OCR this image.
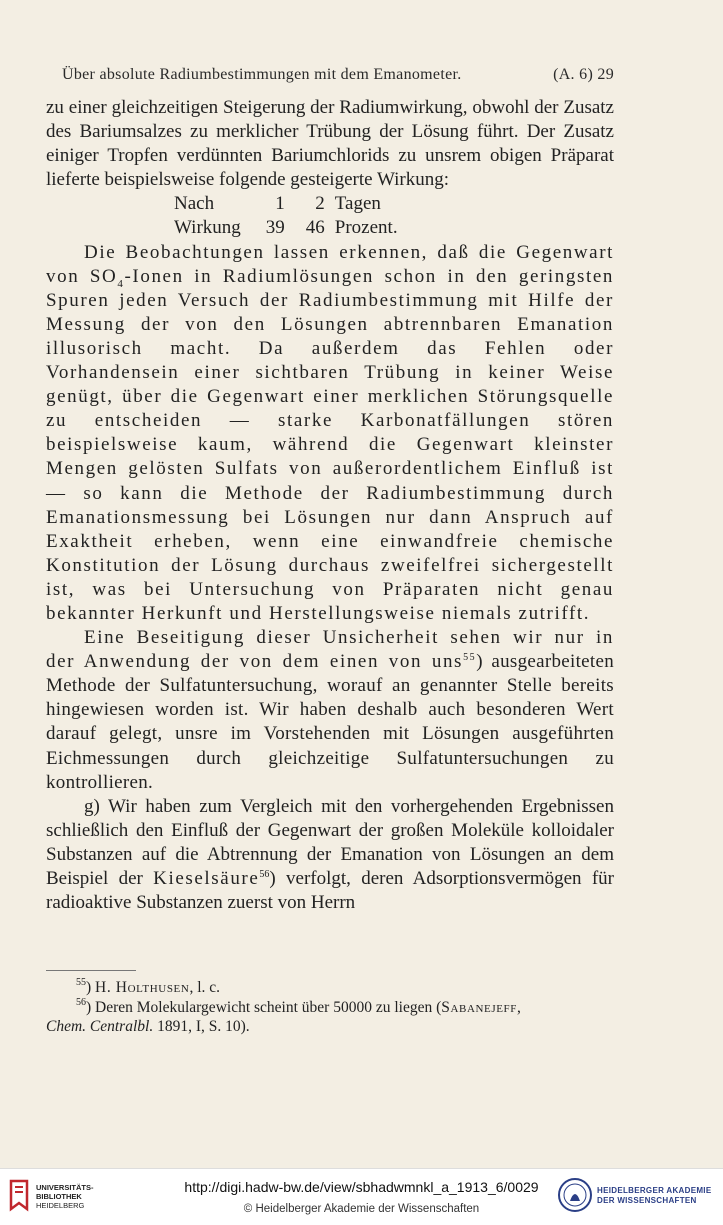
Über absolute Radiumbestimmungen mit dem Emanometer.	(A. 6) 29

zu einer gleichzeitigen Steigerung der Radiumwirkung, obwohl der Zusatz des Bariumsalzes zu merklicher Trübung der Lösung führt. Der Zusatz einiger Tropfen verdünnten Bariumchlorids zu unsrem obigen Präparat lieferte beispielsweise folgende gesteigerte Wirkung:

Nach	1	2	Tagen
Wirkung	39	46	Prozent.

Die Beobachtungen lassen erkennen, daß die Gegenwart von $SO_4$-Ionen in Radiumlösungen schon in den geringsten Spuren jeden Versuch der Radiumbestimmung mit Hilfe der Messung der von den Lösungen abtrennbaren Emanation illusorisch macht. Da außerdem das Fehlen oder Vorhandensein einer sichtbaren Trübung in keiner Weise genügt, über die Gegenwart einer merklichen Störungsquelle zu entscheiden — starke Karbonatfällungen stören beispielsweise kaum, während die Gegenwart kleinster Mengen gelösten Sulfats von außerordentlichem Einfluß ist — so kann die Methode der Radiumbestimmung durch Emanationsmessung bei Lösungen nur dann Anspruch auf Exaktheit erheben, wenn eine einwandfreie chemische Konstitution der Lösung durchaus zweifelfrei sichergestellt ist, was bei Untersuchung von Präparaten nicht genau bekannter Herkunft und Herstellungsweise niemals zutrifft.

Eine Beseitigung dieser Unsicherheit sehen wir nur in der Anwendung der von dem einen von uns$^{55}$) ausgearbeiteten Methode der Sulfatuntersuchung, worauf an genannter Stelle bereits hingewiesen worden ist. Wir haben deshalb auch besonderen Wert darauf gelegt, unsre im Vorstehenden mit Lösungen ausgeführten Eichmessungen durch gleichzeitige Sulfatuntersuchungen zu kontrollieren.

g) Wir haben zum Vergleich mit den vorhergehenden Ergebnissen schließlich den Einfluß der Gegenwart der großen Moleküle kolloidaler Substanzen auf die Abtrennung der Emanation von Lösungen an dem Beispiel der Kieselsäure$^{56}$) verfolgt, deren Adsorptionsvermögen für radioaktive Substanzen zuerst von Herrn

$^{55}$) H. Holthusen, l. c.

$^{56}$) Deren Molekulargewicht scheint über 50000 zu liegen (Sabanejeff,

Chem. Centralbl. 1891, I, S. 10).

UNIVERSITÄTS-
BIBLIOTHEK
HEIDELBERG
http://digi.hadw-bw.de/view/sbhadwmnkl_a_1913_6/0029
© Heidelberger Akademie der Wissenschaften
HEIDELBERGER AKADEMIE
DER WISSENSCHAFTEN
